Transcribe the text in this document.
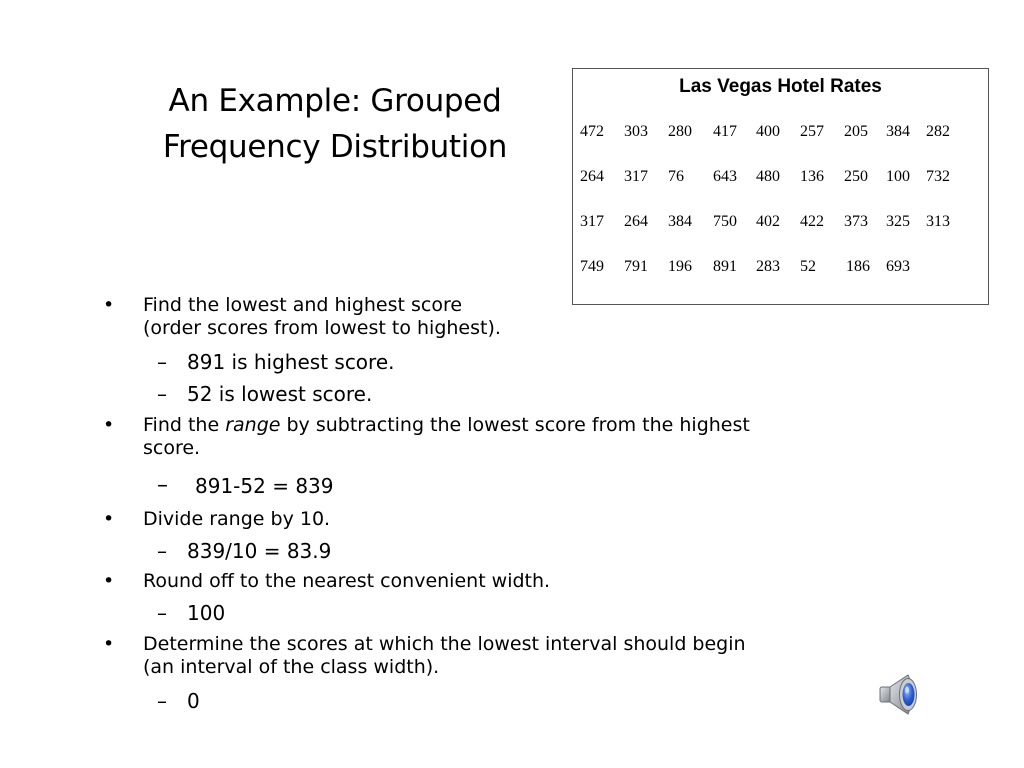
An Example: Grouped
Frequency Distribution
Las Vegas Hotel Rates
472 303 280 417 400 257 205 384 282
264 317 76 643 480 136 250 100 732
317 264 384 750 402 422 373 325 313
749 791 196 891 283 52 186 693
• Find the lowest and highest score
(order scores from lowest to highest).
– 891 is highest score.
– 52 is lowest score.
• Find the range by subtracting the lowest score from the highest
score.
– 891-52 = 839
• Divide range by 10.
– 839/10 = 83.9
• Round off to the nearest convenient width.
– 100
• Determine the scores at which the lowest interval should begin
(an interval of the class width).
– 0
